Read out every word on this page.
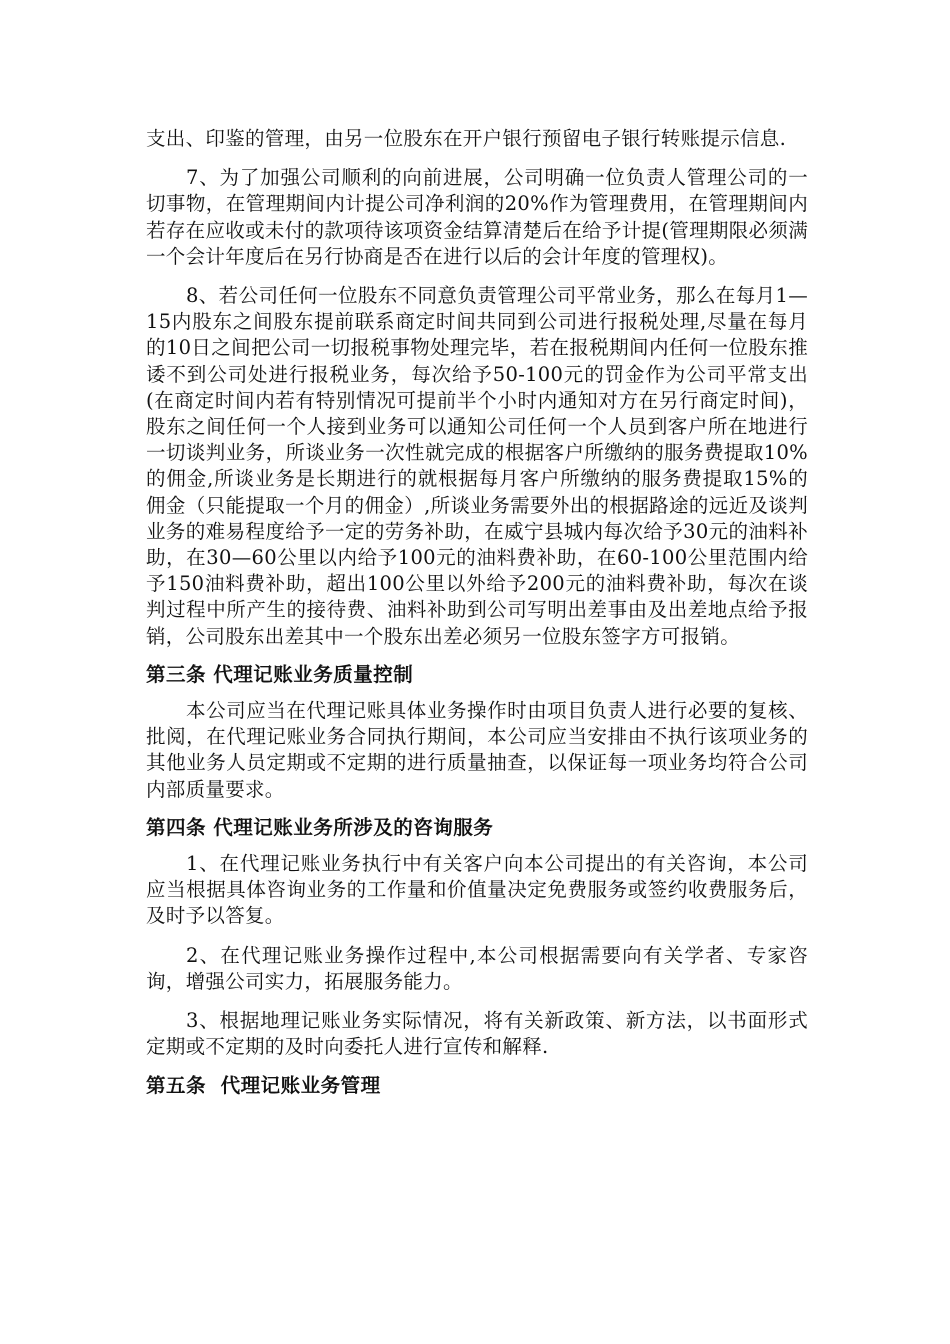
支出、印鉴的管理，由另一位股东在开户银行预留电子银行转账提示信息.

7、为了加强公司顺利的向前进展，公司明确一位负责人管理公司的一切事物，在管理期间内计提公司净利润的20%作为管理费用，在管理期间内若存在应收或未付的款项待该项资金结算清楚后在给予计提(管理期限必须满一个会计年度后在另行协商是否在进行以后的会计年度的管理权)。

8、若公司任何一位股东不同意负责管理公司平常业务，那么在每月1—15内股东之间股东提前联系商定时间共同到公司进行报税处理,尽量在每月的10日之间把公司一切报税事物处理完毕，若在报税期间内任何一位股东推诿不到公司处进行报税业务，每次给予50-100元的罚金作为公司平常支出(在商定时间内若有特别情况可提前半个小时内通知对方在另行商定时间)，股东之间任何一个人接到业务可以通知公司任何一个人员到客户所在地进行一切谈判业务，所谈业务一次性就完成的根据客户所缴纳的服务费提取10%的佣金,所谈业务是长期进行的就根据每月客户所缴纳的服务费提取15%的佣金（只能提取一个月的佣金）,所谈业务需要外出的根据路途的远近及谈判业务的难易程度给予一定的劳务补助，在威宁县城内每次给予30元的油料补助，在30—60公里以内给予100元的油料费补助，在60-100公里范围内给予150油料费补助，超出100公里以外给予200元的油料费补助，每次在谈判过程中所产生的接待费、油料补助到公司写明出差事由及出差地点给予报销，公司股东出差其中一个股东出差必须另一位股东签字方可报销。

第三条 代理记账业务质量控制

本公司应当在代理记账具体业务操作时由项目负责人进行必要的复核、批阅，在代理记账业务合同执行期间，本公司应当安排由不执行该项业务的其他业务人员定期或不定期的进行质量抽查，以保证每一项业务均符合公司内部质量要求。

第四条 代理记账业务所涉及的咨询服务

1、在代理记账业务执行中有关客户向本公司提出的有关咨询，本公司应当根据具体咨询业务的工作量和价值量决定免费服务或签约收费服务后，及时予以答复。

2、在代理记账业务操作过程中,本公司根据需要向有关学者、专家咨询，增强公司实力，拓展服务能力。

3、根据地理记账业务实际情况，将有关新政策、新方法，以书面形式定期或不定期的及时向委托人进行宣传和解释.

第五条  代理记账业务管理
